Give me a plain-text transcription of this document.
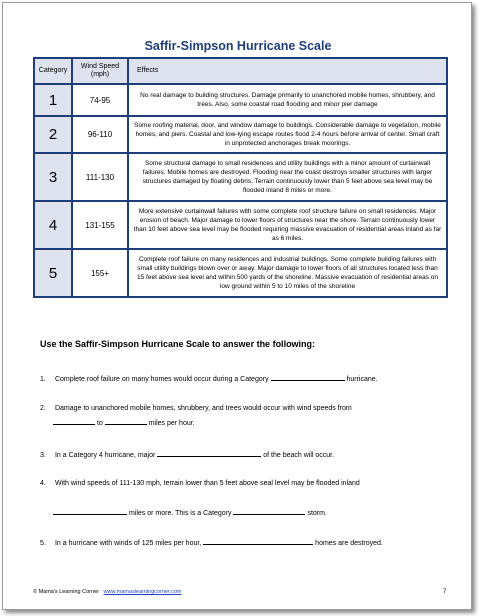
Saffir-Simpson Hurricane Scale
Category	Wind Speed (mph)	Effects
1	74-95	No real damage to building structures. Damage primarily to unanchored mobile homes, shrubbery, and trees. Also, some coastal road flooding and minor pier damage
2	96-110	Some roofing material, door, and window damage to buildings. Considerable damage to vegetation, mobile homes, and piers. Coastal and low-lying escape routes flood 2-4 hours before arrival of center. Small craft in unprotected anchorages break moorings.
3	111-130	Some structural damage to small residences and utility buildings with a minor amount of curtainwall failures. Mobile homes are destroyed. Flooding near the coast destroys smaller structures with larger structures damaged by floating debris. Terrain continuously lower than 5 feet above sea level may be flooded inland 8 miles or more.
4	131-155	More extensive curtainwall failures with some complete roof structure failure on small residences. Major erosion of beach. Major damage to lower floors of structures near the shore. Terrain continuously lower than 10 feet above sea level may be flooded requiring massive evacuation of residential areas inland as far as 6 miles.
5	155+	Complete roof failure on many residences and industrial buildings. Some complete building failures with small utility buildings blown over or away. Major damage to lower floors of all structures located less than 15 feet above sea level and within 500 yards of the shoreline. Massive evacuation of residential areas on low ground within 5 to 10 miles of the shoreline
Use the Saffir-Simpson Hurricane Scale to answer the following:
1. Complete roof failure on many homes would occur during a Category	hurricane.
2. Damage to unanchored mobile homes, shrubbery, and trees would occur with wind speeds from
to	miles per hour.
3. In a Category 4 hurricane, major	of the beach will occur.
4. With wind speeds of 111-130 mph, terrain lower than 5 feet above seal level may be flooded inland
miles or more. This is a Category	storm.
5. In a hurricane with winds of 125 miles per hour,	homes are destroyed.
© Mama's Learning Corner www.mamaslearningcorner.com	7
